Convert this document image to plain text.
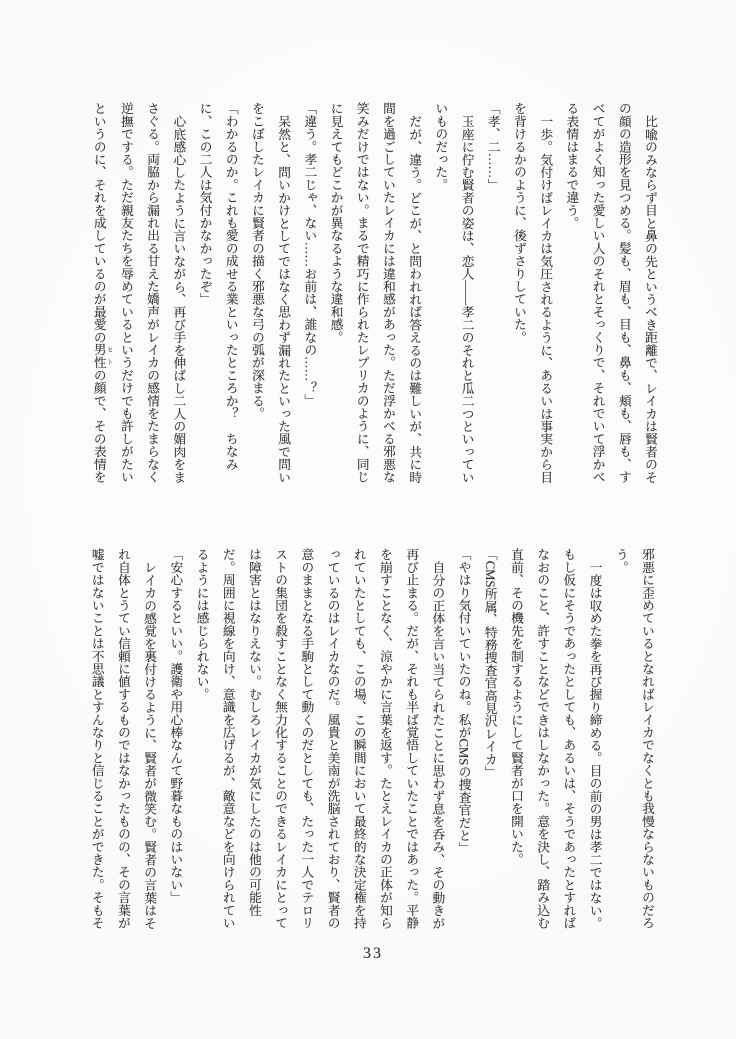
比喩のみならず目と鼻の先というべき距離で、レイカは賢者のそ
の顔の造形を見つめる。髪も、眉も、目も、鼻も、頬も、唇も、す
べてがよく知った愛しい人のそれとそっくりで、それでいて浮かべ
る表情はまるで違う。
一歩。気付けばレイカは気圧されるように、あるいは事実から目
を背けるかのように、後ずさりしていた。
「孝、二……」
玉座に佇む賢者の姿は、恋人――孝二のそれと瓜二つといってい
いものだった。
だが、違う。どこが、と問われれば答えるのは難しいが、共に時
間を過ごしていたレイカには違和感があった。ただ浮かべる邪悪な
笑みだけではない。まるで精巧に作られたレプリカのように、同じ
に見えてもどこかが異なるような違和感。
「違う。孝二じゃ、ない……お前は、誰なの……？」
呆然と、問いかけとしてではなく思わず漏れたといった風で問い
をこぼしたレイカに賢者の描く邪悪な弓の弧が深まる。
「わかるのか。これも愛の成せる業といったところか？　ちなみ
に、この二人は気付かなかったぞ」
心底感心したように言いながら、再び手を伸ばし二人の媚肉をま
さぐる。両脇から漏れ出る甘えた嬌声がレイカの感情をたまらなく
逆撫でする。ただ親友たちを辱めているというだけでも許しがたい
というのに、それを成しているのが最愛の男性 ヒトの顔で、その表情を
邪悪に歪めているとなればレイカでなくとも我慢ならないものだろ
う。
一度は収めた拳を再び握り締める。目の前の男は孝二ではない。
もし仮にそうであったとしても、あるいは、そうであったとすれば
なおのこと、許すことなどできはしなかった。意を決し、踏み込む
直前、その機先を制するようにして賢者が口を開いた。
「CMS所属、特務捜査官高見沢レイカ」
「やはり気付いていたのね。私がCMSの捜査官だと」
自分の正体を言い当てられたことに思わず息を呑み、その動きが
再び止まる。だが、それも半ば覚悟していたことではあった。平静
を崩すことなく、涼やかに言葉を返す。たとえレイカの正体が知ら
れていたとしても、この場、この瞬間において最終的な決定権を持
っているのはレイカなのだ。風貴と美南が洗脳されており、賢者の
意のままとなる手駒として動くのだとしても、たった一人でテロリ
ストの集団を殺すことなく無力化することのできるレイカにとって
は障害とはなりえない。むしろレイカが気にしたのは他の可能性
だ。周囲に視線を向け、意識を広げるが、敵意などを向けられてい
るようには感じられない。
「安心するといい。護衛や用心棒なんて野暮なものはいない」
レイカの感覚を裏付けるように、賢者が微笑む。賢者の言葉はそ
れ自体とうてい信頼に値するものではなかったものの、その言葉が
嘘ではないことは不思議とすんなりと信じることができた。そもそ
33
